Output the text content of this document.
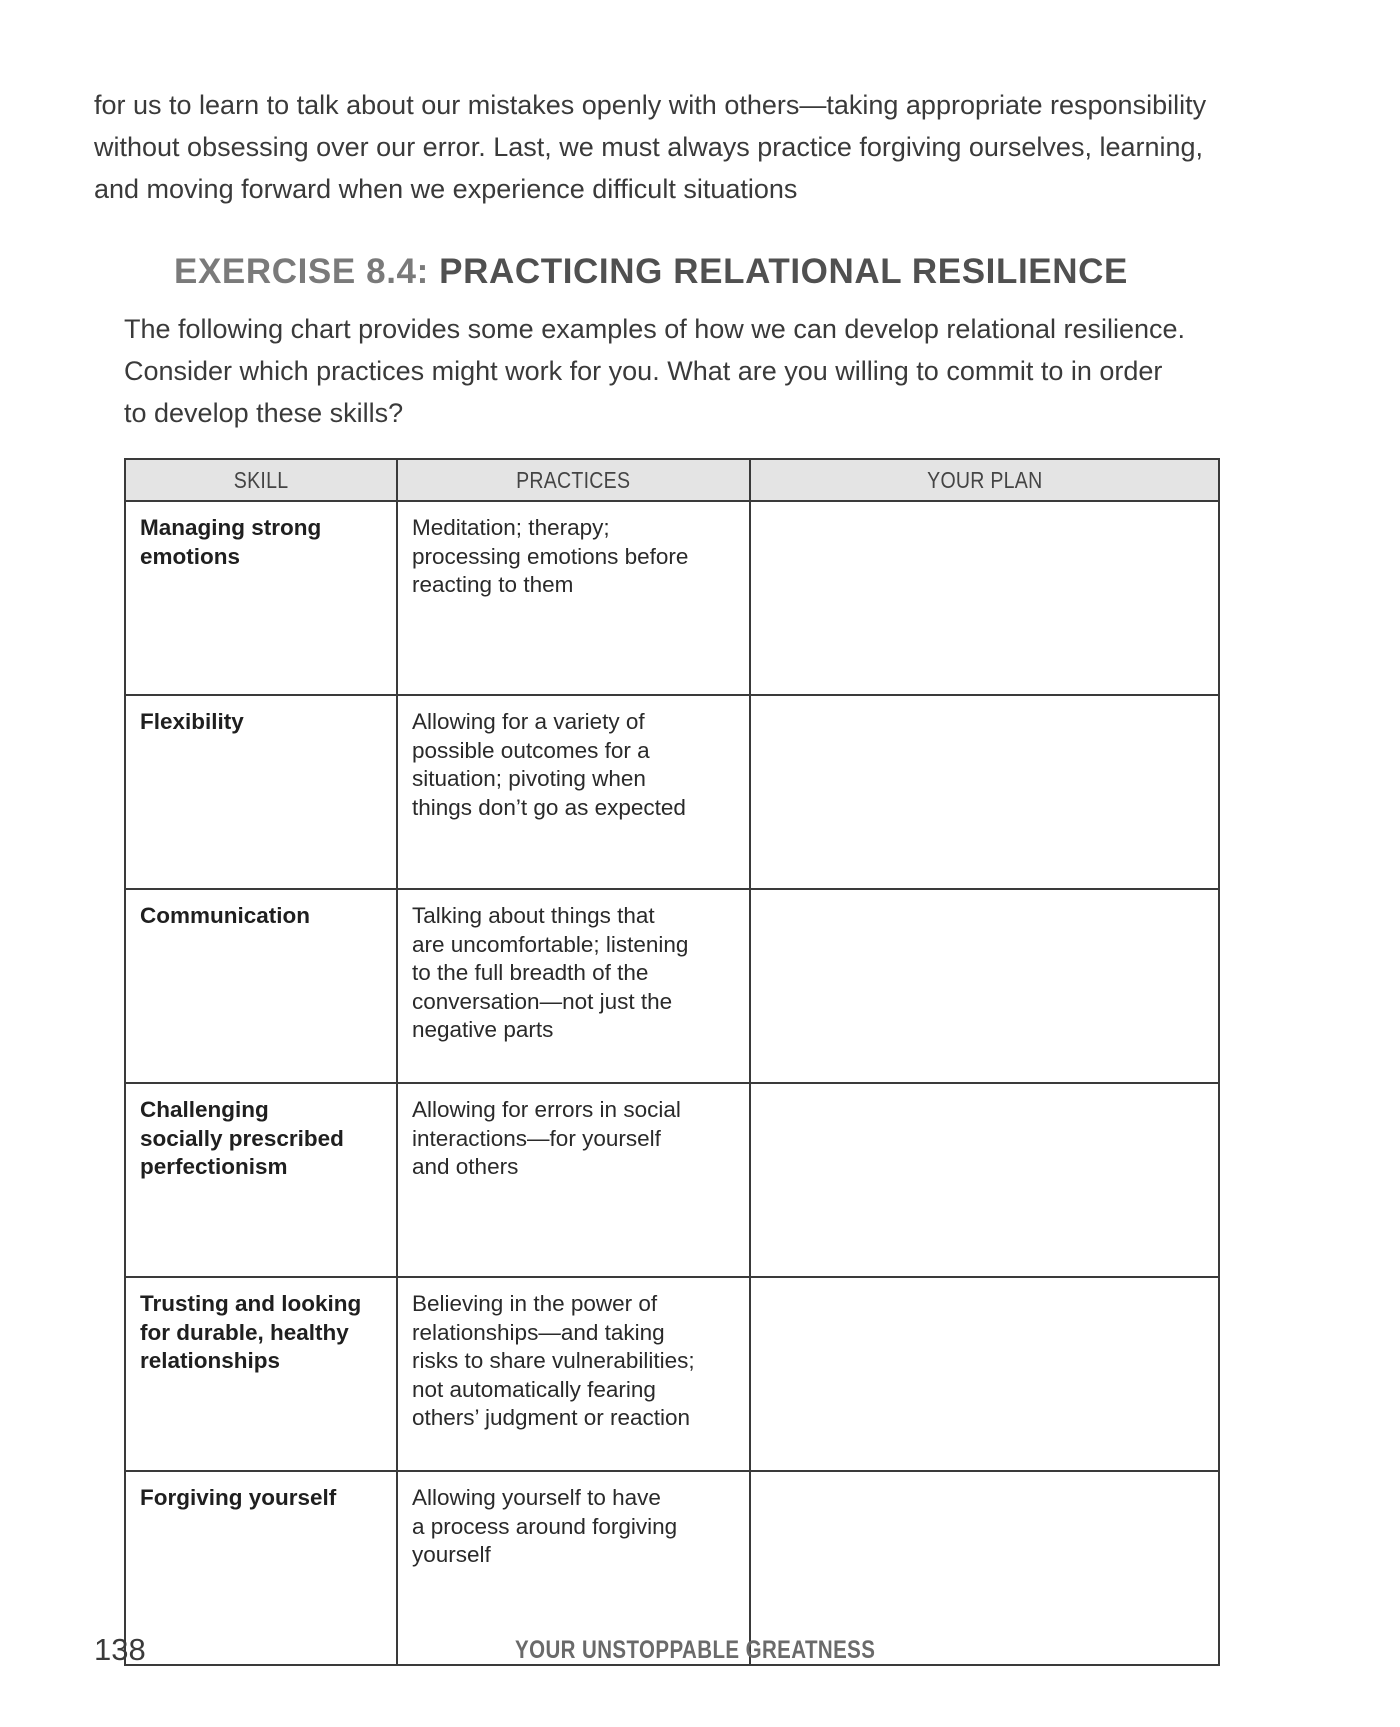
for us to learn to talk about our mistakes openly with others—taking appropriate responsibility
without obsessing over our error. Last, we must always practice forgiving ourselves, learning,
and moving forward when we experience difficult situations

EXERCISE 8.4: PRACTICING RELATIONAL RESILIENCE

The following chart provides some examples of how we can develop relational resilience.
Consider which practices might work for you. What are you willing to commit to in order
to develop these skills?

SKILL	PRACTICES	YOUR PLAN

Managing strong
emotions	Meditation; therapy;
processing emotions before
reacting to them	

Flexibility	Allowing for a variety of
possible outcomes for a
situation; pivoting when
things don’t go as expected	

Communication	Talking about things that
are uncomfortable; listening
to the full breadth of the
conversation—not just the
negative parts	

Challenging
socially prescribed
perfectionism	Allowing for errors in social
interactions—for yourself
and others	

Trusting and looking
for durable, healthy
relationships	Believing in the power of
relationships—and taking
risks to share vulnerabilities;
not automatically fearing
others’ judgment or reaction	

Forgiving yourself	Allowing yourself to have
a process around forgiving
yourself	

138	YOUR UNSTOPPABLE GREATNESS
